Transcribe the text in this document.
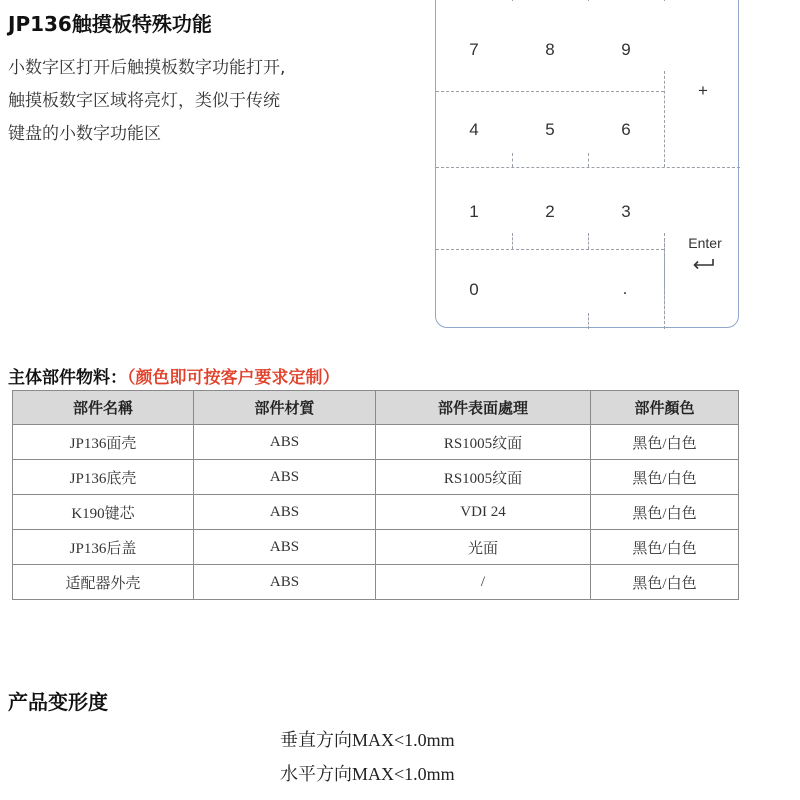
JP136触摸板特殊功能
小数字区打开后触摸板数字功能打开,
触摸板数字区域将亮灯，类似于传统
键盘的小数字功能区
7	8	9
+
4	5	6
1	2	3
Enter
0	.
主体部件物料：（颜色即可按客户要求定制）
部件名稱	部件材質	部件表面處理	部件顏色
JP136面壳	ABS	RS1005纹面	黑色/白色
JP136底壳	ABS	RS1005纹面	黑色/白色
K190键芯	ABS	VDI 24	黑色/白色
JP136后盖	ABS	光面	黑色/白色
适配器外壳	ABS	/	黑色/白色
产品变形度

垂直方向MAX<1.0mm

水平方向MAX<1.0mm
